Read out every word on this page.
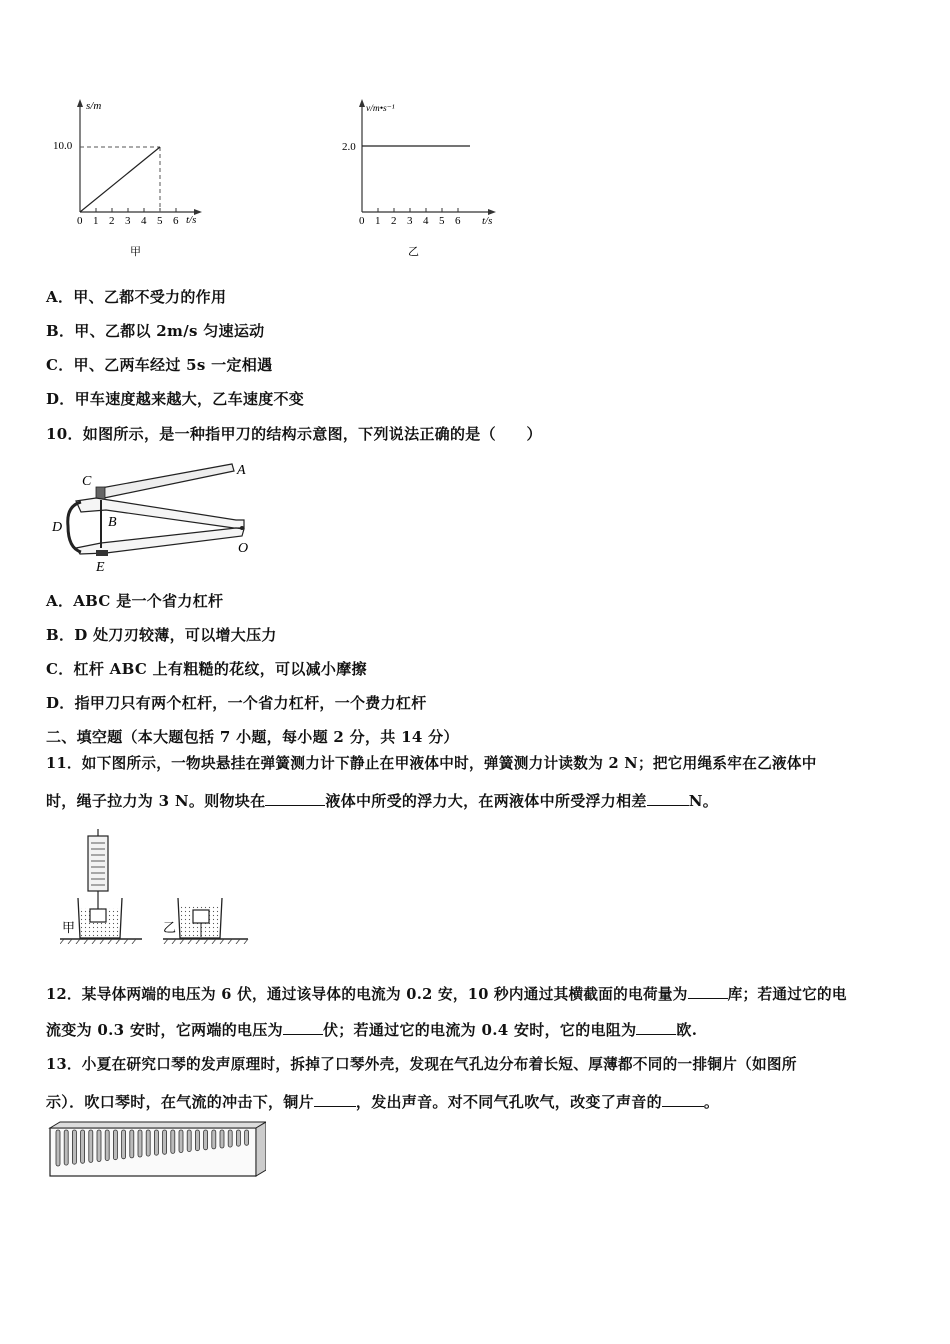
0 1 2 3 4 5 6
s/m
10.0
t/s
甲
0 1 2 3 4 5 6
v/m•s⁻¹
2.0
t/s
乙
A．甲、乙都不受力的作用
B．甲、乙都以 2m/s 匀速运动
C．甲、乙两车经过 5s 一定相遇
D．甲车速度越来越大，乙车速度不变
10．如图所示，是一种指甲刀的结构示意图，下列说法正确的是（　　）
C
A
B
D
O
E
A．ABC 是一个省力杠杆
B．D 处刀刃较薄，可以增大压力
C．杠杆 ABC 上有粗糙的花纹，可以减小摩擦
D．指甲刀只有两个杠杆，一个省力杠杆，一个费力杠杆
二、填空题（本大题包括 7 小题，每小题 2 分，共 14 分）
11．如下图所示，一物块悬挂在弹簧测力计下静止在甲液体中时，弹簧测力计读数为 2 N；把它用绳系牢在乙液体中
时，绳子拉力为 3 N。则物块在	液体中所受的浮力大，在两液体中所受浮力相差	N。
甲	乙
12．某导体两端的电压为 6 伏，通过该导体的电流为 0.2 安，10 秒内通过其横截面的电荷量为	库；若通过它的电
流变为 0.3 安时，它两端的电压为	伏；若通过它的电流为 0.4 安时，它的电阻为	欧.
13．小夏在研究口琴的发声原理时，拆掉了口琴外壳，发现在气孔边分布着长短、厚薄都不同的一排铜片（如图所
示）．吹口琴时，在气流的冲击下，铜片	，发出声音。对不同气孔吹气，改变了声音的	。
